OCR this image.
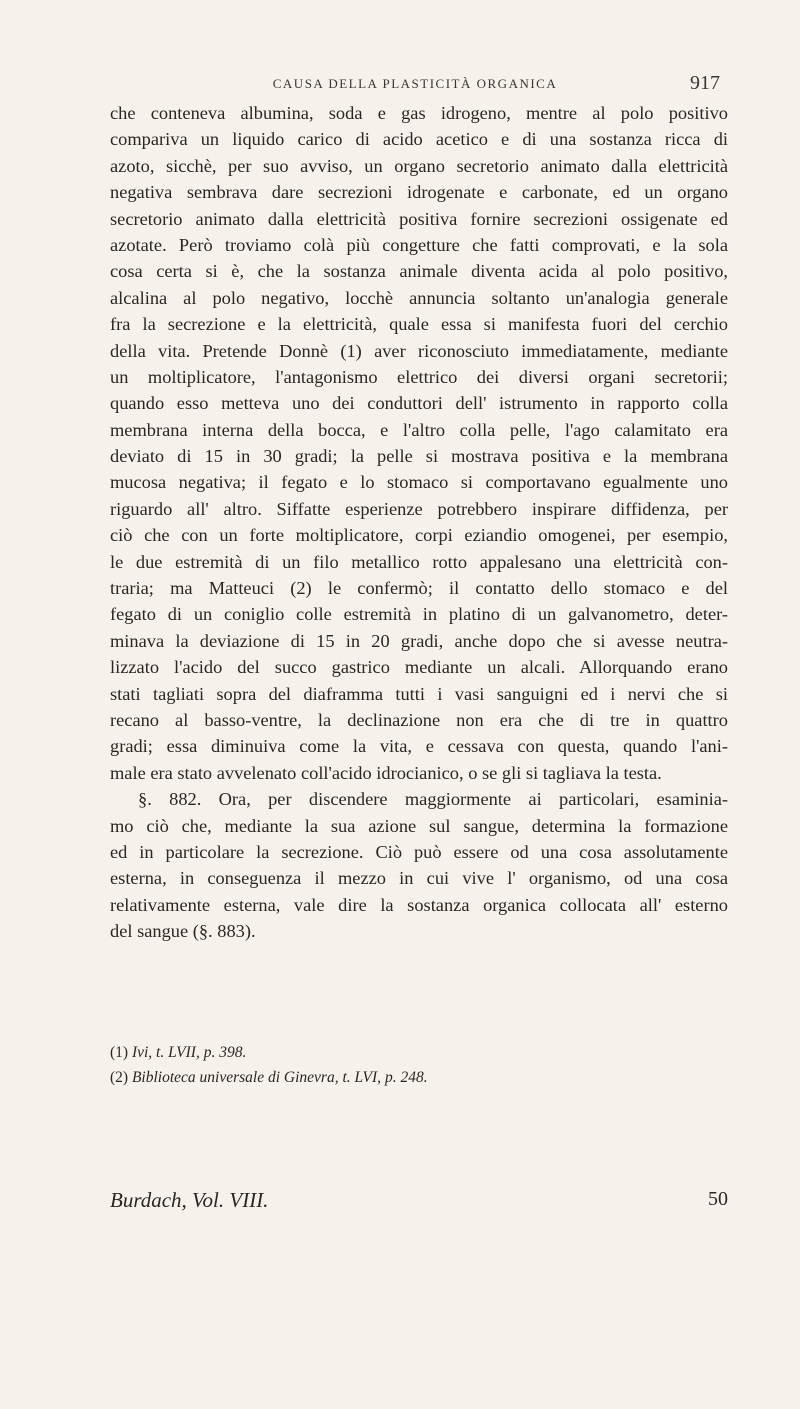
CAUSA DELLA PLASTICITÀ ORGANICA	917
che conteneva albumina, soda e gas idrogeno, mentre al polo positivo
compariva un liquido carico di acido acetico e di una sostanza ricca di
azoto, sicchè, per suo avviso, un organo secretorio animato dalla elettricità
negativa sembrava dare secrezioni idrogenate e carbonate, ed un organo
secretorio animato dalla elettricità positiva fornire secrezioni ossigenate ed
azotate. Però troviamo colà più congetture che fatti comprovati, e la sola
cosa certa si è, che la sostanza animale diventa acida al polo positivo,
alcalina al polo negativo, locchè annuncia soltanto un'analogia generale
fra la secrezione e la elettricità, quale essa si manifesta fuori del cerchio
della vita. Pretende Donnè (1) aver riconosciuto immediatamente, mediante
un moltiplicatore, l'antagonismo elettrico dei diversi organi secretorii;
quando esso metteva uno dei conduttori dell' istrumento in rapporto colla
membrana interna della bocca, e l'altro colla pelle, l'ago calamitato era
deviato di 15 in 30 gradi; la pelle si mostrava positiva e la membrana
mucosa negativa; il fegato e lo stomaco si comportavano egualmente uno
riguardo all' altro. Siffatte esperienze potrebbero inspirare diffidenza, per
ciò che con un forte moltiplicatore, corpi eziandio omogenei, per esempio,
le due estremità di un filo metallico rotto appalesano una elettricità con-
traria; ma Matteuci (2) le confermò; il contatto dello stomaco e del
fegato di un coniglio colle estremità in platino di un galvanometro, deter-
minava la deviazione di 15 in 20 gradi, anche dopo che si avesse neutra-
lizzato l'acido del succo gastrico mediante un alcali. Allorquando erano
stati tagliati sopra del diaframma tutti i vasi sanguigni ed i nervi che si
recano al basso-ventre, la declinazione non era che di tre in quattro
gradi; essa diminuiva come la vita, e cessava con questa, quando l'ani-
male era stato avvelenato coll'acido idrocianico, o se gli si tagliava la testa.
§. 882. Ora, per discendere maggiormente ai particolari, esaminia-
mo ciò che, mediante la sua azione sul sangue, determina la formazione
ed in particolare la secrezione. Ciò può essere od una cosa assolutamente
esterna, in conseguenza il mezzo in cui vive l' organismo, od una cosa
relativamente esterna, vale dire la sostanza organica collocata all' esterno
del sangue (§. 883).
(1) Ivi, t. LVII, p. 398.
(2) Biblioteca universale di Ginevra, t. LVI, p. 248.
Burdach, Vol. VIII.	50
